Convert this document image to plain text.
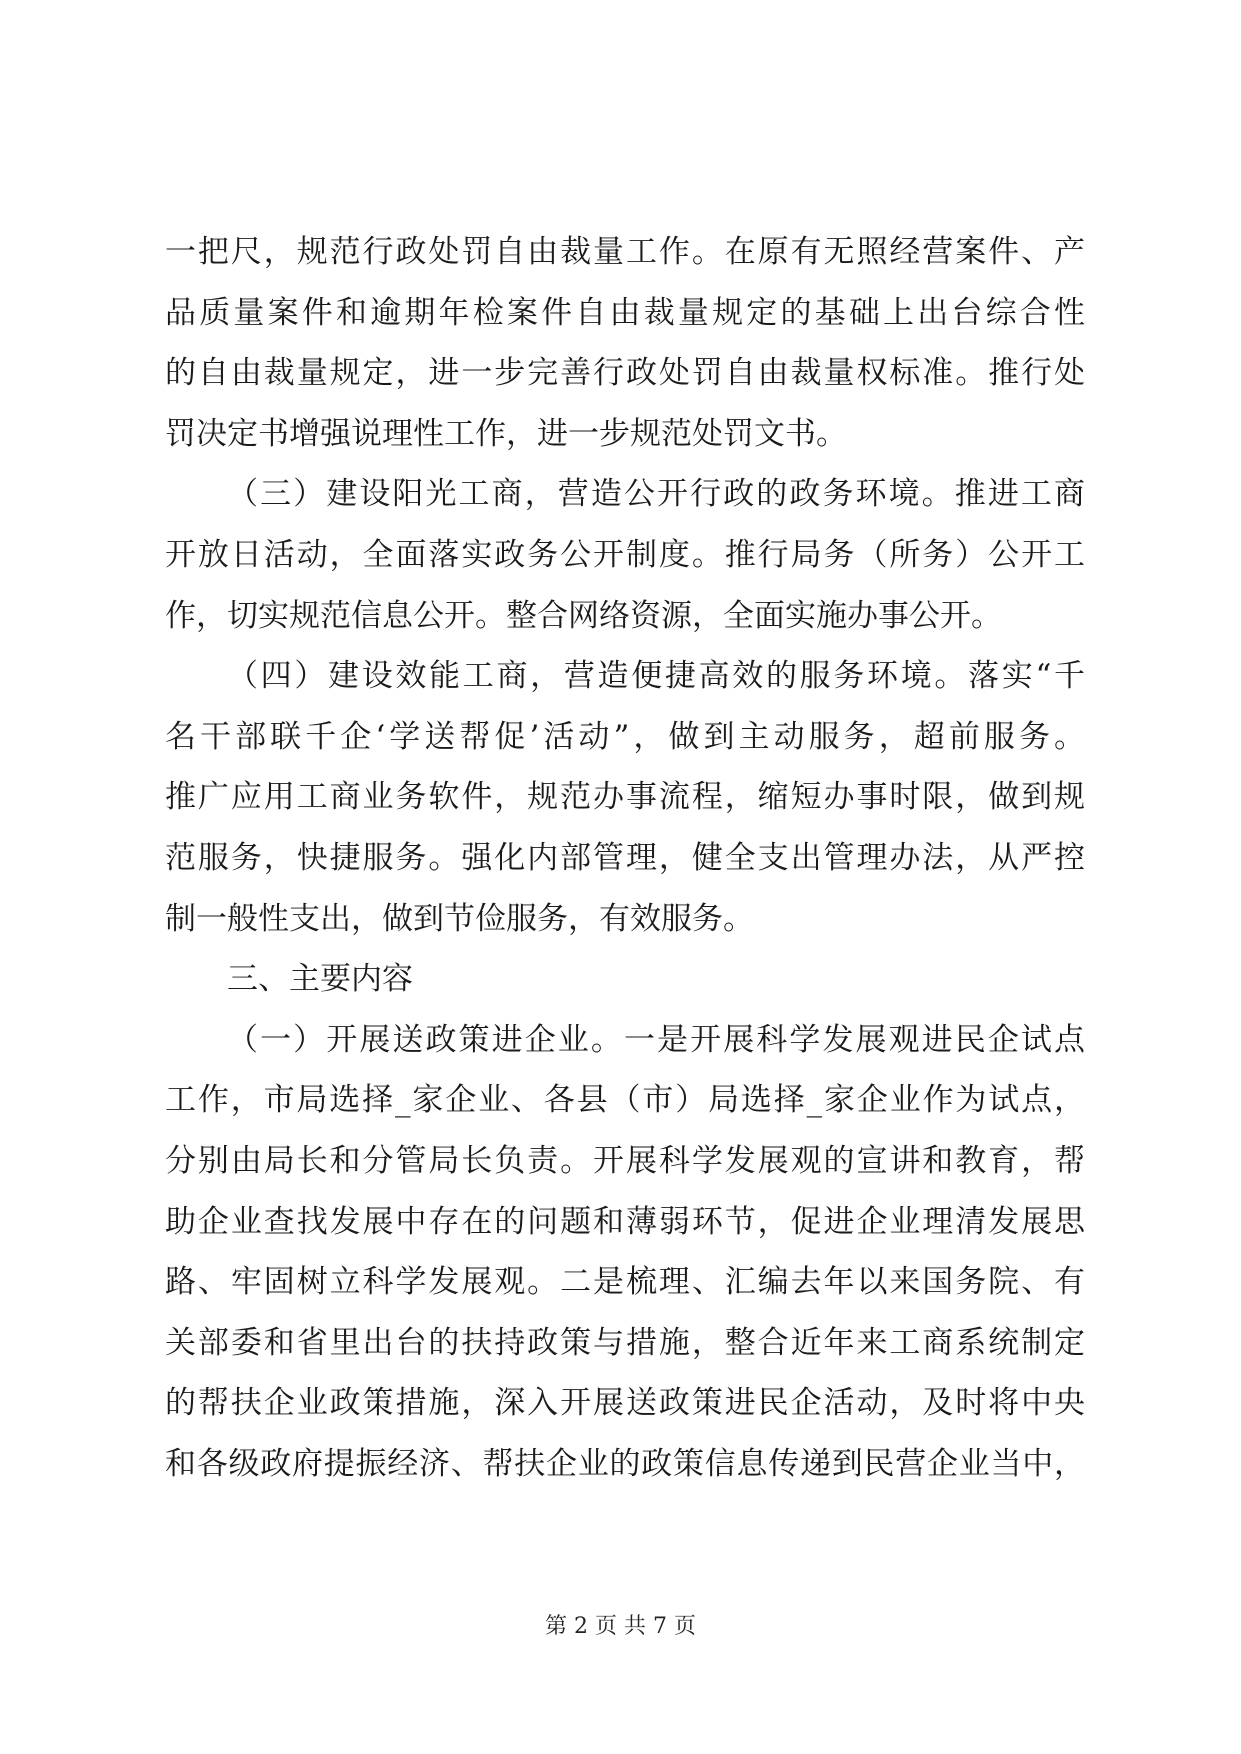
一把尺，规范行政处罚自由裁量工作。在原有无照经营案件、产
品质量案件和逾期年检案件自由裁量规定的基础上出台综合性
的自由裁量规定，进一步完善行政处罚自由裁量权标准。推行处
罚决定书增强说理性工作，进一步规范处罚文书。
（三）建设阳光工商，营造公开行政的政务环境。推进工商
开放日活动，全面落实政务公开制度。推行局务（所务）公开工
作，切实规范信息公开。整合网络资源，全面实施办事公开。
（四）建设效能工商，营造便捷高效的服务环境。落实“千
名干部联千企‘学送帮促’活动”，做到主动服务，超前服务。
推广应用工商业务软件，规范办事流程，缩短办事时限，做到规
范服务，快捷服务。强化内部管理，健全支出管理办法，从严控
制一般性支出，做到节俭服务，有效服务。
三、主要内容
（一）开展送政策进企业。一是开展科学发展观进民企试点
工作，市局选择_家企业、各县（市）局选择_家企业作为试点，
分别由局长和分管局长负责。开展科学发展观的宣讲和教育，帮
助企业查找发展中存在的问题和薄弱环节，促进企业理清发展思
路、牢固树立科学发展观。二是梳理、汇编去年以来国务院、有
关部委和省里出台的扶持政策与措施，整合近年来工商系统制定
的帮扶企业政策措施，深入开展送政策进民企活动，及时将中央
和各级政府提振经济、帮扶企业的政策信息传递到民营企业当中，
第 2 页 共 7 页
